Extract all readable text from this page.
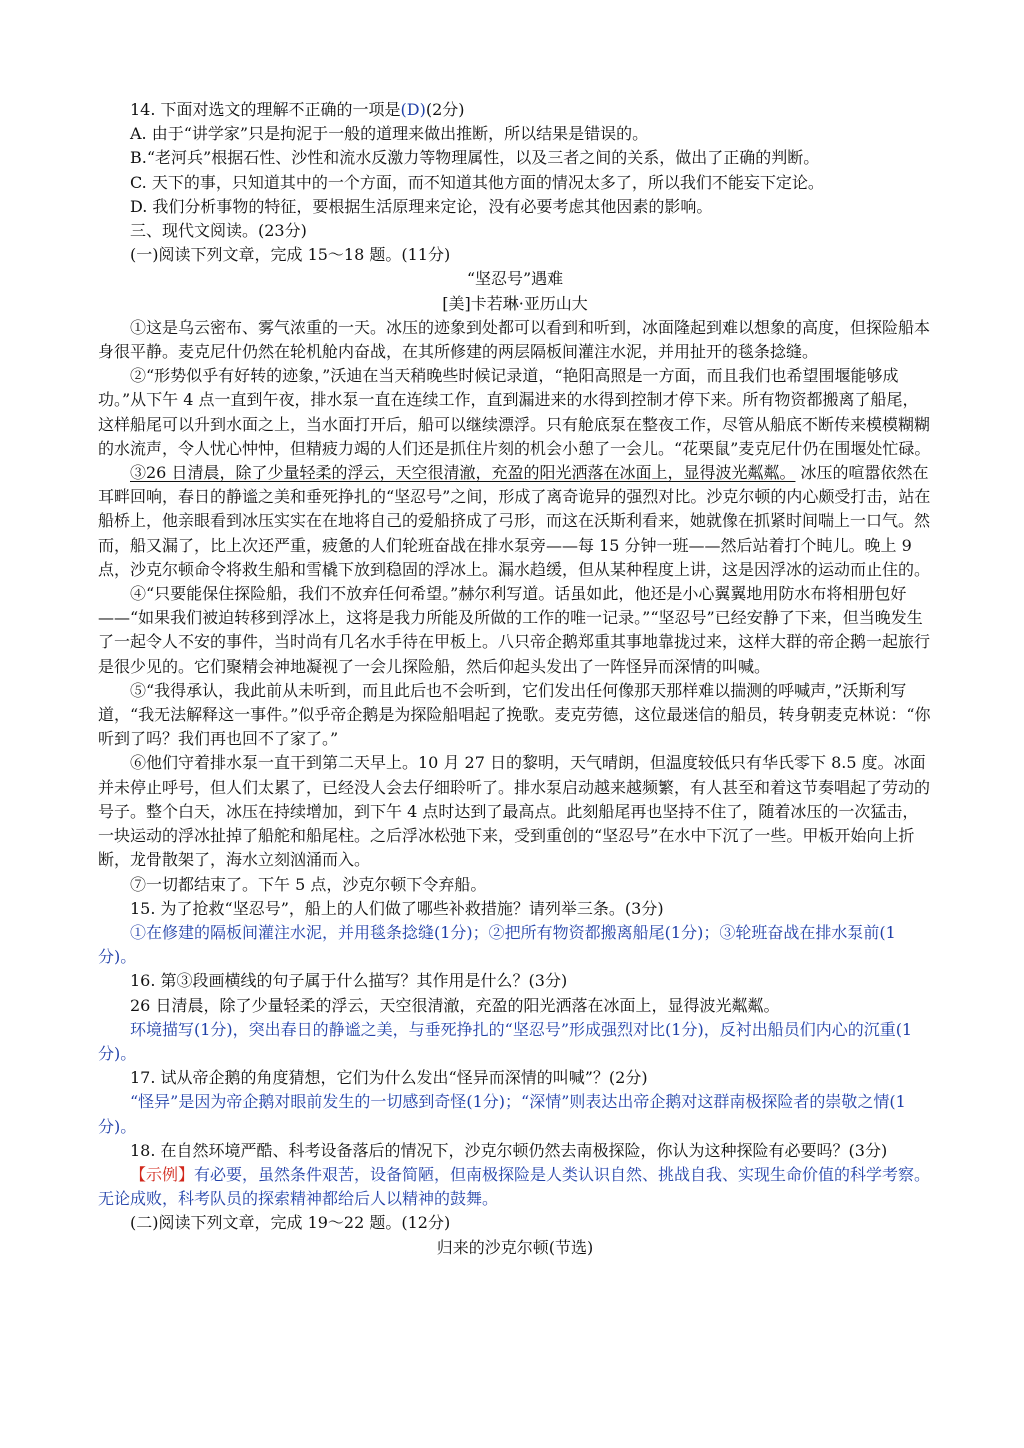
14. 下面对选文的理解不正确的一项是(D)(2分)

A. 由于“讲学家”只是拘泥于一般的道理来做出推断，所以结果是错误的。

B.“老河兵”根据石性、沙性和流水反激力等物理属性，以及三者之间的关系，做出了正确的判断。

C. 天下的事，只知道其中的一个方面，而不知道其他方面的情况太多了，所以我们不能妄下定论。

D. 我们分析事物的特征，要根据生活原理来定论，没有必要考虑其他因素的影响。

三、现代文阅读。(23分)

(一)阅读下列文章，完成 15～18 题。(11分)

“坚忍号”遇难

[美]卡若琳·亚历山大

①这是乌云密布、雾气浓重的一天。冰压的迹象到处都可以看到和听到，冰面隆起到难以想象的高度，但探险船本身很平静。麦克尼什仍然在轮机舱内奋战，在其所修建的两层隔板间灌注水泥，并用扯开的毯条捻缝。

②“形势似乎有好转的迹象，”沃迪在当天稍晚些时候记录道，“艳阳高照是一方面，而且我们也希望围堰能够成功。”从下午 4 点一直到午夜，排水泵一直在连续工作，直到漏进来的水得到控制才停下来。所有物资都搬离了船尾，这样船尾可以升到水面之上，当水面打开后，船可以继续漂浮。只有舱底泵在整夜工作，尽管从船底不断传来模模糊糊的水流声，令人忧心忡忡，但精疲力竭的人们还是抓住片刻的机会小憩了一会儿。“花栗鼠”麦克尼什仍在围堰处忙碌。

③26 日清晨，除了少量轻柔的浮云，天空很清澈，充盈的阳光洒落在冰面上，显得波光粼粼。 冰压的喧嚣依然在耳畔回响，春日的静谧之美和垂死挣扎的“坚忍号”之间，形成了离奇诡异的强烈对比。沙克尔顿的内心颇受打击，站在船桥上，他亲眼看到冰压实实在在地将自己的爱船挤成了弓形，而这在沃斯利看来，她就像在抓紧时间喘上一口气。然而，船又漏了，比上次还严重，疲惫的人们轮班奋战在排水泵旁——每 15 分钟一班——然后站着打个盹儿。晚上 9 点，沙克尔顿命令将救生船和雪橇下放到稳固的浮冰上。漏水趋缓，但从某种程度上讲，这是因浮冰的运动而止住的。

④“只要能保住探险船，我们不放弃任何希望。”赫尔利写道。话虽如此，他还是小心翼翼地用防水布将相册包好——“如果我们被迫转移到浮冰上，这将是我力所能及所做的工作的唯一记录。”“坚忍号”已经安静了下来，但当晚发生了一起令人不安的事件，当时尚有几名水手待在甲板上。八只帝企鹅郑重其事地靠拢过来，这样大群的帝企鹅一起旅行是很少见的。它们聚精会神地凝视了一会儿探险船，然后仰起头发出了一阵怪异而深情的叫喊。

⑤“我得承认，我此前从未听到，而且此后也不会听到，它们发出任何像那天那样难以揣测的呼喊声，”沃斯利写道，“我无法解释这一事件。”似乎帝企鹅是为探险船唱起了挽歌。麦克劳德，这位最迷信的船员，转身朝麦克林说：“你听到了吗？我们再也回不了家了。”

⑥他们守着排水泵一直干到第二天早上。10 月 27 日的黎明，天气晴朗，但温度较低只有华氏零下 8.5 度。冰面并未停止呼号，但人们太累了，已经没人会去仔细聆听了。排水泵启动越来越频繁，有人甚至和着这节奏唱起了劳动的号子。整个白天，冰压在持续增加，到下午 4 点时达到了最高点。此刻船尾再也坚持不住了，随着冰压的一次猛击，一块运动的浮冰扯掉了船舵和船尾柱。之后浮冰松弛下来，受到重创的“坚忍号”在水中下沉了一些。甲板开始向上折断，龙骨散架了，海水立刻汹涌而入。

⑦一切都结束了。下午 5 点，沙克尔顿下令弃船。

15. 为了抢救“坚忍号”，船上的人们做了哪些补救措施？请列举三条。(3分)

①在修建的隔板间灌注水泥，并用毯条捻缝(1分)；②把所有物资都搬离船尾(1分)；③轮班奋战在排水泵前(1分)。

16. 第③段画横线的句子属于什么描写？其作用是什么？(3分)

26 日清晨，除了少量轻柔的浮云，天空很清澈，充盈的阳光洒落在冰面上，显得波光粼粼。

环境描写(1分)，突出春日的静谧之美，与垂死挣扎的“坚忍号”形成强烈对比(1分)，反衬出船员们内心的沉重(1分)。

17. 试从帝企鹅的角度猜想，它们为什么发出“怪异而深情的叫喊”？(2分)

“怪异”是因为帝企鹅对眼前发生的一切感到奇怪(1分)；“深情”则表达出帝企鹅对这群南极探险者的崇敬之情(1分)。

18. 在自然环境严酷、科考设备落后的情况下，沙克尔顿仍然去南极探险，你认为这种探险有必要吗？(3分)

【示例】有必要，虽然条件艰苦，设备简陋，但南极探险是人类认识自然、挑战自我、实现生命价值的科学考察。无论成败，科考队员的探索精神都给后人以精神的鼓舞。

(二)阅读下列文章，完成 19～22 题。(12分)

归来的沙克尔顿(节选)
